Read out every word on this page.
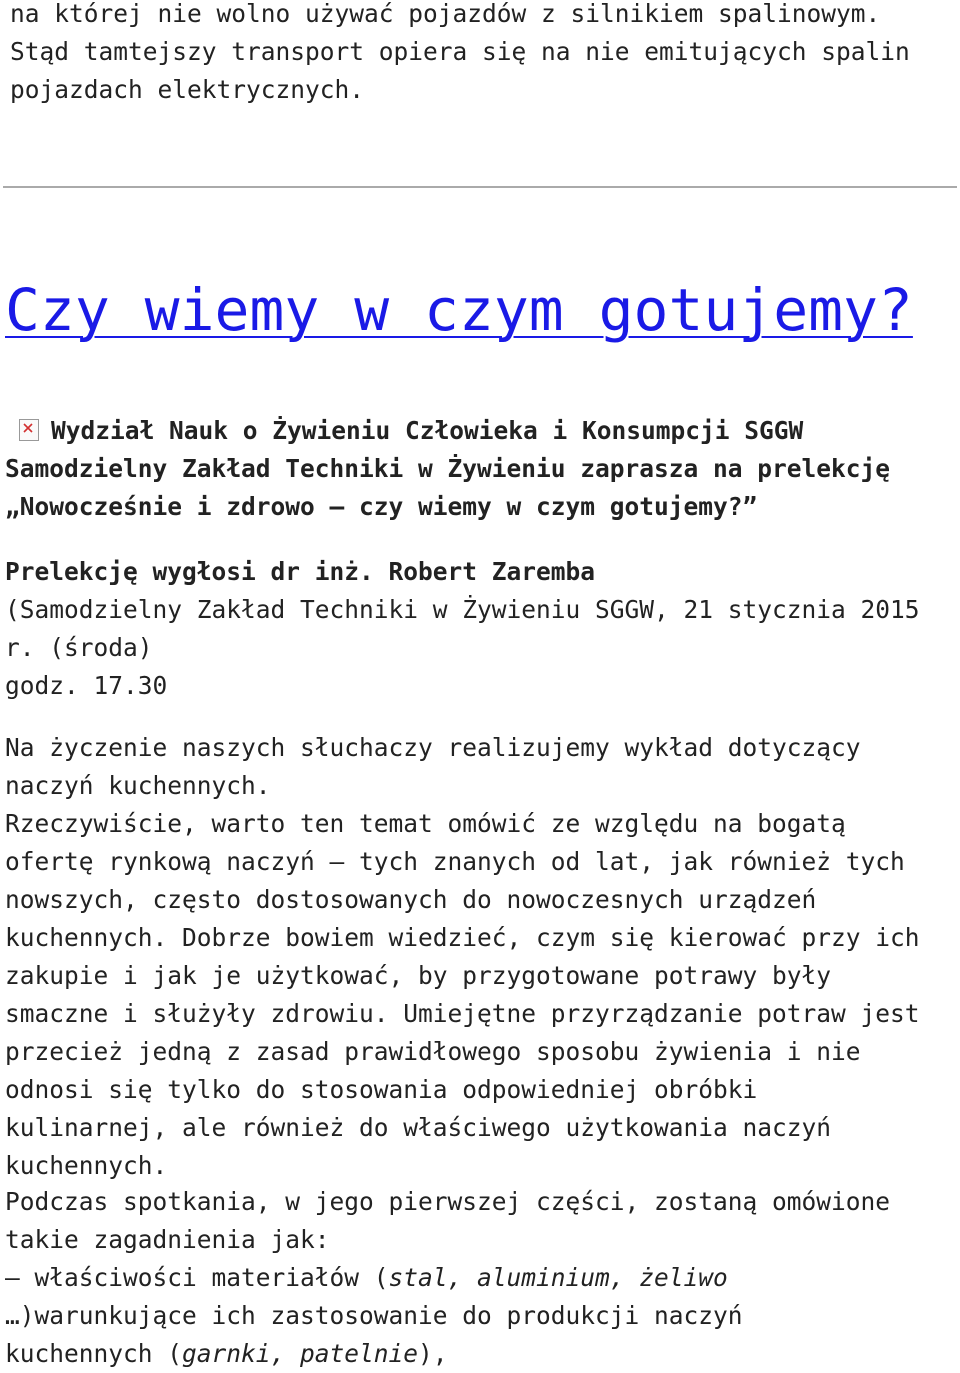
na której nie wolno używać pojazdów z silnikiem spalinowym.

Stąd tamtejszy transport opiera się na nie emitujących spalin

pojazdach elektrycznych.

Czy wiemy w czym gotujemy?

Wydział Nauk o Żywieniu Człowieka i Konsumpcji SGGW

Samodzielny Zakład Techniki w Żywieniu zaprasza na prelekcję

„Nowocześnie i zdrowo – czy wiemy w czym gotujemy?”

Prelekcję wygłosi dr inż. Robert Zaremba

(Samodzielny Zakład Techniki w Żywieniu SGGW, 21 stycznia 2015

r. (środa)

godz. 17.30

Na życzenie naszych słuchaczy realizujemy wykład dotyczący

naczyń kuchennych.

Rzeczywiście, warto ten temat omówić ze względu na bogatą

ofertę rynkową naczyń – tych znanych od lat, jak również tych

nowszych, często dostosowanych do nowoczesnych urządzeń

kuchennych. Dobrze bowiem wiedzieć, czym się kierować przy ich

zakupie i jak je użytkować, by przygotowane potrawy były

smaczne i służyły zdrowiu. Umiejętne przyrządzanie potraw jest

przecież jedną z zasad prawidłowego sposobu żywienia i nie

odnosi się tylko do stosowania odpowiedniej obróbki

kulinarnej, ale również do właściwego użytkowania naczyń

kuchennych.

Podczas spotkania, w jego pierwszej części, zostaną omówione

takie zagadnienia jak:

– właściwości materiałów (stal, aluminium, żeliwo

…)warunkujące ich zastosowanie do produkcji naczyń

kuchennych (garnki, patelnie),
